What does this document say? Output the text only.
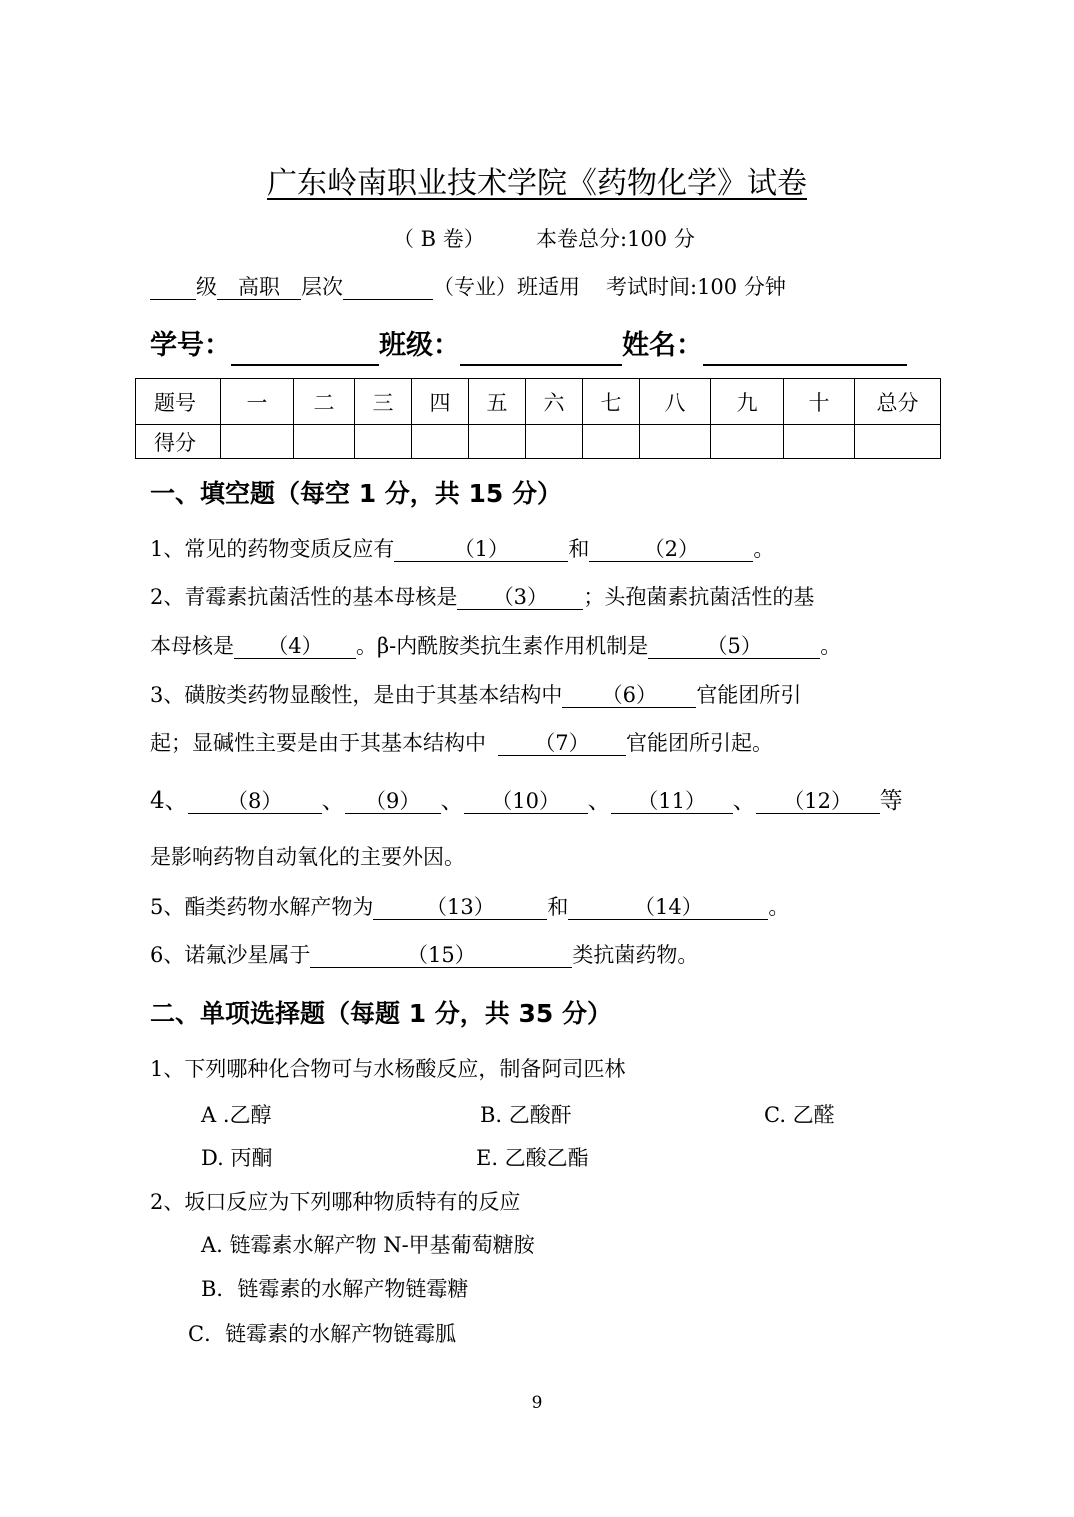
广东岭南职业技术学院《药物化学》试卷
（ B 卷） 本卷总分:100 分
级 高职 层次	（专业）班适用 考试时间:100 分钟
学号：	班级：	姓名：
题号	一	二	三	四	五	六	七	八	九	十	总分
得分											
一、填空题（每空 1 分，共 15 分）
1、常见的药物变质反应有	（1）	和	（2）	。
2、青霉素抗菌活性的基本母核是 （3） ；头孢菌素抗菌活性的基
本母核是 （4） 。β-内酰胺类抗生素作用机制是	（5）	。
3、磺胺类药物显酸性，是由于其基本结构中 （6） 官能团所引
起；显碱性主要是由于其基本结构中 （7） 官能团所引起。
4、 （8） 、 （9） 、 （10） 、 （11） 、 （12） 等
是影响药物自动氧化的主要外因。
5、酯类药物水解产物为	（13）	和	（14）	。
6、诺氟沙星属于	（15）	类抗菌药物。
二、单项选择题（每题 1 分，共 35 分）
1、下列哪种化合物可与水杨酸反应，制备阿司匹林
A .乙醇	B. 乙酸酐	C. 乙醛
D. 丙酮	E. 乙酸乙酯
2、坂口反应为下列哪种物质特有的反应
A. 链霉素水解产物 N-甲基葡萄糖胺
B．链霉素的水解产物链霉糖
C．链霉素的水解产物链霉胍
9
